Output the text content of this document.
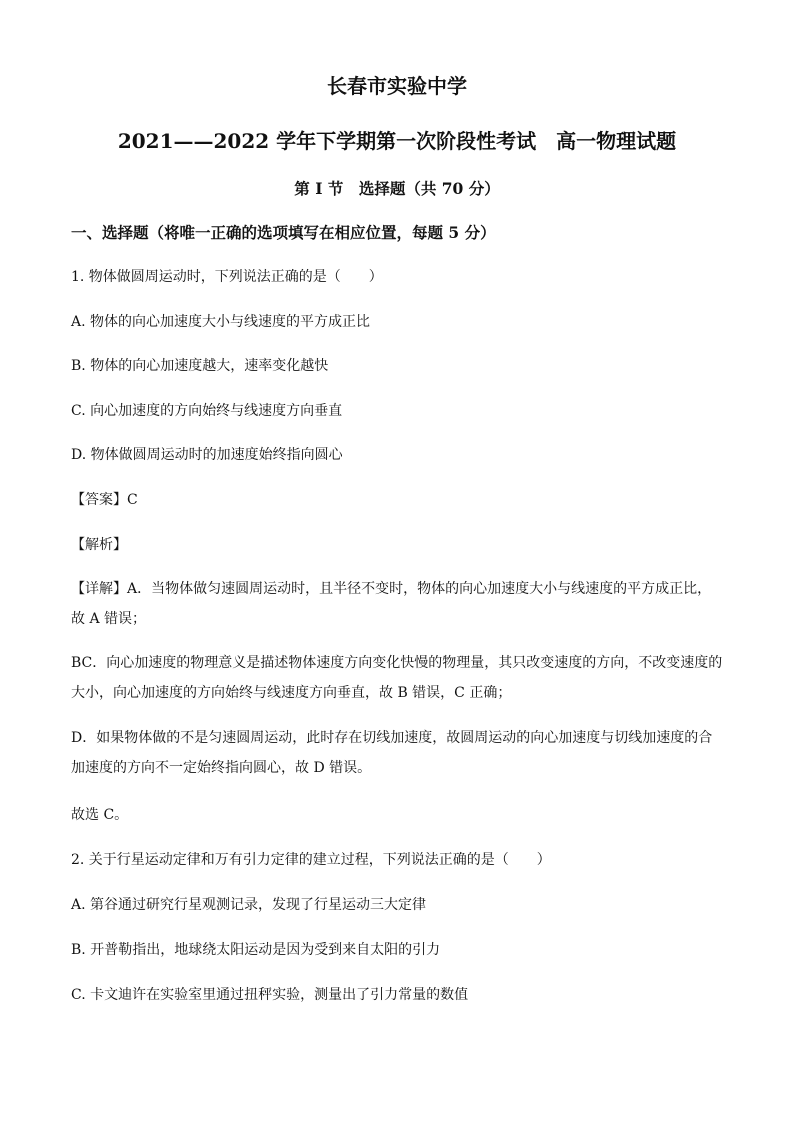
长春市实验中学
2021——2022 学年下学期第一次阶段性考试　高一物理试题
第 I 节　选择题（共 70 分）
一、选择题（将唯一正确的选项填写在相应位置，每题 5 分）
1. 物体做圆周运动时，下列说法正确的是（　　）
A. 物体的向心加速度大小与线速度的平方成正比
B. 物体的向心加速度越大，速率变化越快
C. 向心加速度的方向始终与线速度方向垂直
D. 物体做圆周运动时的加速度始终指向圆心
【答案】C
【解析】
【详解】A．当物体做匀速圆周运动时，且半径不变时，物体的向心加速度大小与线速度的平方成正比，故 A 错误；
BC．向心加速度的物理意义是描述物体速度方向变化快慢的物理量，其只改变速度的方向，不改变速度的大小，向心加速度的方向始终与线速度方向垂直，故 B 错误，C 正确；
D．如果物体做的不是匀速圆周运动，此时存在切线加速度，故圆周运动的向心加速度与切线加速度的合加速度的方向不一定始终指向圆心，故 D 错误。
故选 C。
2. 关于行星运动定律和万有引力定律的建立过程，下列说法正确的是（　　）
A. 第谷通过研究行星观测记录，发现了行星运动三大定律
B. 开普勒指出，地球绕太阳运动是因为受到来自太阳的引力
C. 卡文迪许在实验室里通过扭秤实验，测量出了引力常量的数值
